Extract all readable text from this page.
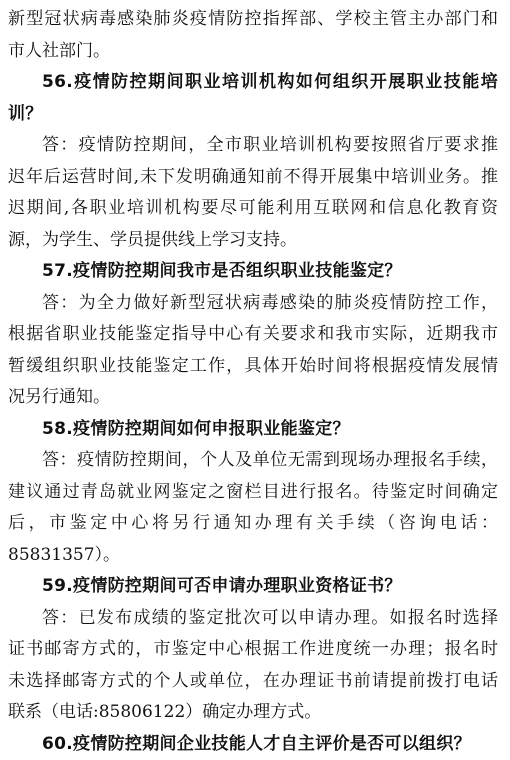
新型冠状病毒感染肺炎疫情防控指挥部、学校主管主办部门和
市人社部门。
56.疫情防控期间职业培训机构如何组织开展职业技能培
训？
答：疫情防控期间，全市职业培训机构要按照省厅要求推
迟年后运营时间,未下发明确通知前不得开展集中培训业务。推
迟期间,各职业培训机构要尽可能利用互联网和信息化教育资
源，为学生、学员提供线上学习支持。
57.疫情防控期间我市是否组织职业技能鉴定？
答：为全力做好新型冠状病毒感染的肺炎疫情防控工作，
根据省职业技能鉴定指导中心有关要求和我市实际，近期我市
暂缓组织职业技能鉴定工作，具体开始时间将根据疫情发展情
况另行通知。
58.疫情防控期间如何申报职业能鉴定？
答：疫情防控期间，个人及单位无需到现场办理报名手续，
建议通过青岛就业网鉴定之窗栏目进行报名。待鉴定时间确定
后，市鉴定中心将另行通知办理有关手续（咨询电话：
85831357）。
59.疫情防控期间可否申请办理职业资格证书？
答：已发布成绩的鉴定批次可以申请办理。如报名时选择
证书邮寄方式的，市鉴定中心根据工作进度统一办理；报名时
未选择邮寄方式的个人或单位，在办理证书前请提前拨打电话
联系（电话:85806122）确定办理方式。
60.疫情防控期间企业技能人才自主评价是否可以组织？
